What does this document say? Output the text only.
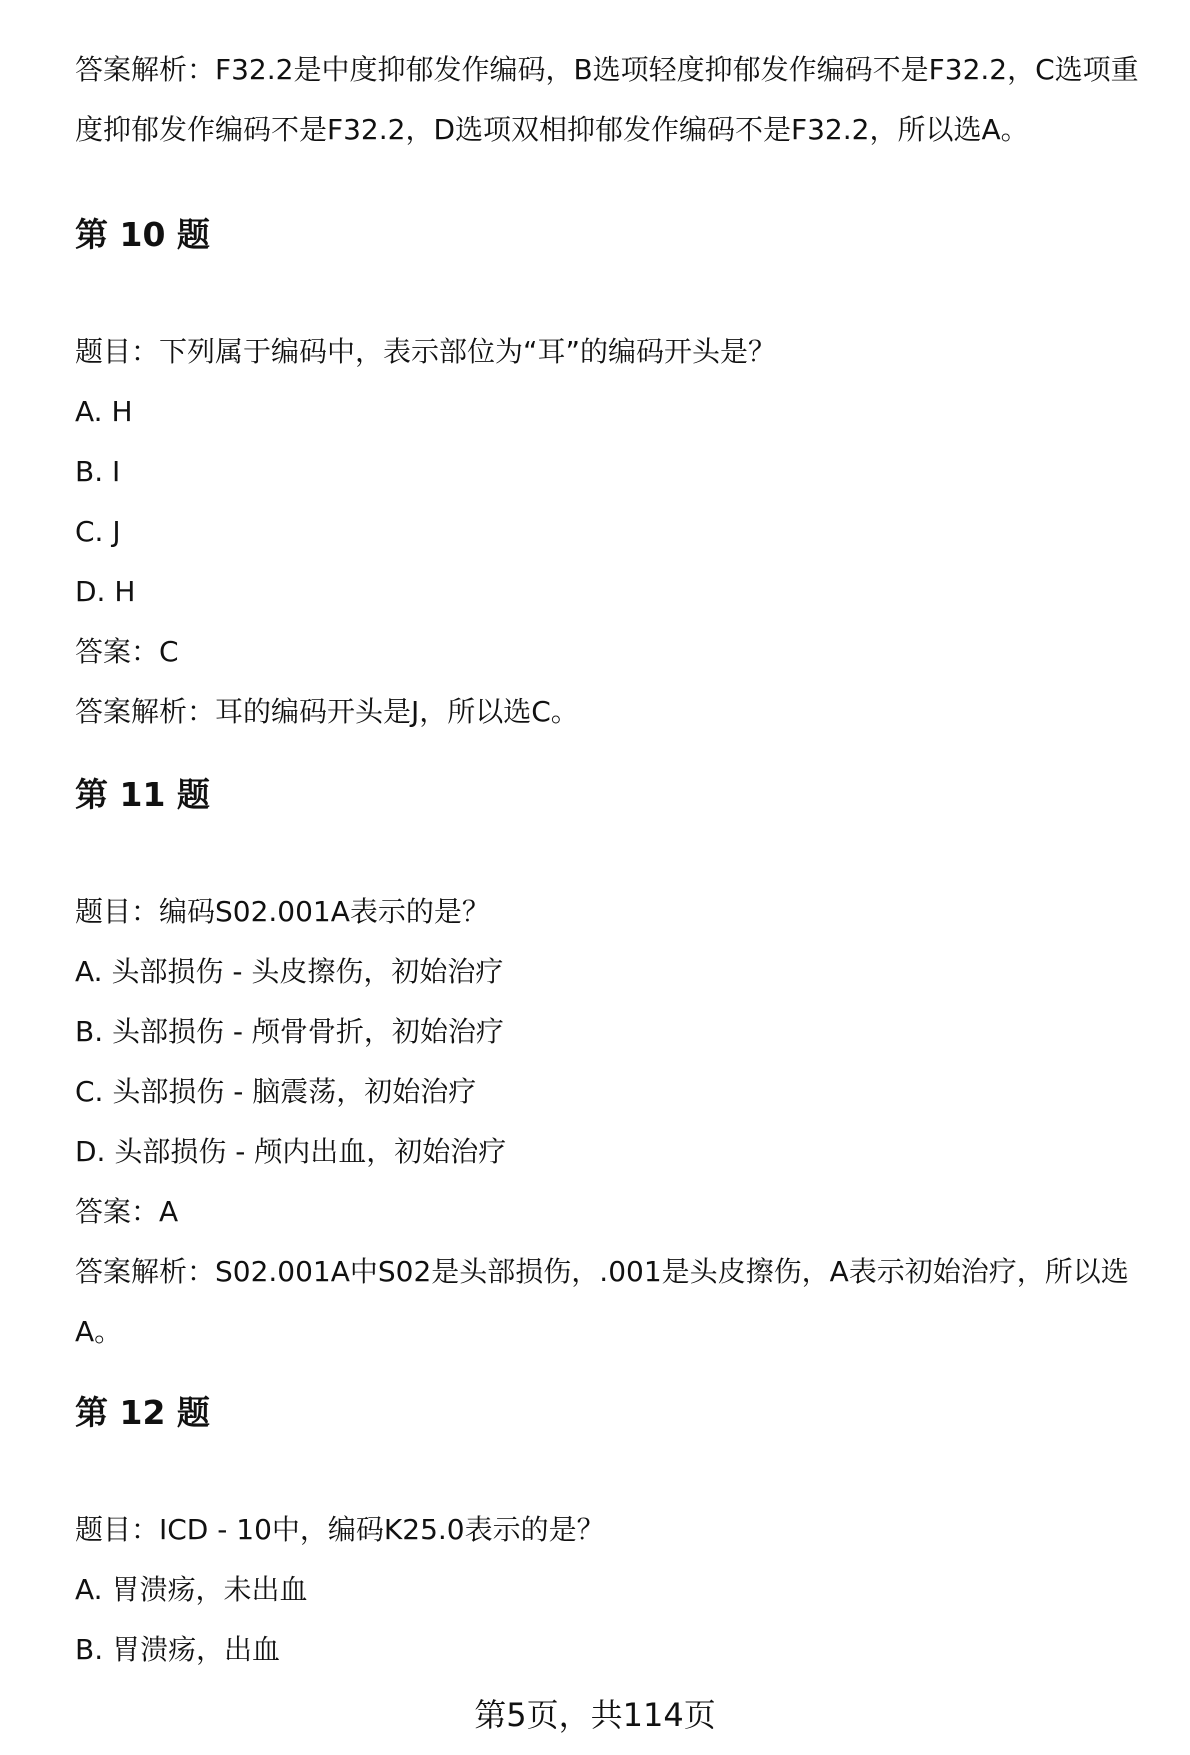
答案解析：F32.2是中度抑郁发作编码，B选项轻度抑郁发作编码不是F32.2，C选项重度抑郁发作编码不是F32.2，D选项双相抑郁发作编码不是F32.2，所以选A。

第 10 题

题目：下列属于编码中，表示部位为“耳”的编码开头是？

A. H

B. I

C. J

D. H

答案：C

答案解析：耳的编码开头是J，所以选C。

第 11 题

题目：编码S02.001A表示的是？

A. 头部损伤 - 头皮擦伤，初始治疗

B. 头部损伤 - 颅骨骨折，初始治疗

C. 头部损伤 - 脑震荡，初始治疗

D. 头部损伤 - 颅内出血，初始治疗

答案：A

答案解析：S02.001A中S02是头部损伤，.001是头皮擦伤，A表示初始治疗，所以选A。

第 12 题

题目：ICD - 10中，编码K25.0表示的是？

A. 胃溃疡，未出血

B. 胃溃疡，出血

第5页，共114页
